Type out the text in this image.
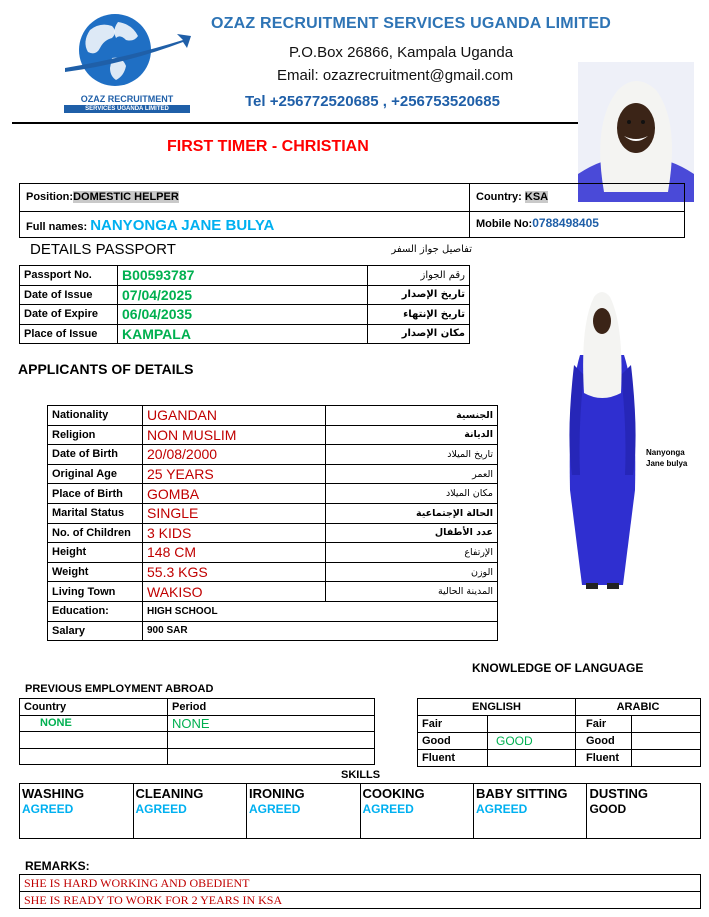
OZAZ RECRUITMENT
SERVICES UGANDA LIMITED
OZAZ RECRUITMENT SERVICES UGANDA LIMITED
P.O.Box 26866, Kampala Uganda
Email: ozazrecruitment@gmail.com
Tel +256772520685 , +256753520685
FIRST TIMER - CHRISTIAN
Position:DOMESTIC HELPER
Full names: NANYONGA JANE BULYA
Country: KSA
Mobile No:0788498405
DETAILS PASSPORT	تفاصيل جواز السفر
Passport No.	B00593787	رقم الجواز
Date of Issue	07/04/2025	تاريخ الإصدار
Date of Expire	06/04/2035	تاريخ الإنتهاء
Place of Issue	KAMPALA	مكان الإصدار
APPLICANTS OF DETAILS
Nationality	UGANDAN	الجنسية
Religion	NON MUSLIM	الديانة
Date of Birth	20/08/2000	تاريخ الميلاد
Original Age	25 YEARS	العمر
Place of Birth	GOMBA	مكان الميلاد
Marital Status	SINGLE	الحالة الإجتماعية
No. of Children	3 KIDS	عدد الأطفال
Height	148 CM	الإرتفاع
Weight	55.3 KGS	الوزن
Living Town	WAKISO	المدينة الحالية
Education:	HIGH SCHOOL	
Salary	900 SAR	
Nanyonga
Jane bulya
KNOWLEDGE OF LANGUAGE
PREVIOUS EMPLOYMENT ABROAD
Country	Period
NONE	NONE

ENGLISH		ARABIC	
Fair		Fair	
Good	GOOD	Good	
Fluent		Fluent	
SKILLS
WASHING
AGREED

CLEANING
AGREED

IRONING
AGREED

COOKING
AGREED

BABY SITTING
AGREED

DUSTING
GOOD
REMARKS:
SHE IS HARD WORKING AND OBEDIENT
SHE IS READY TO WORK FOR 2 YEARS IN KSA
